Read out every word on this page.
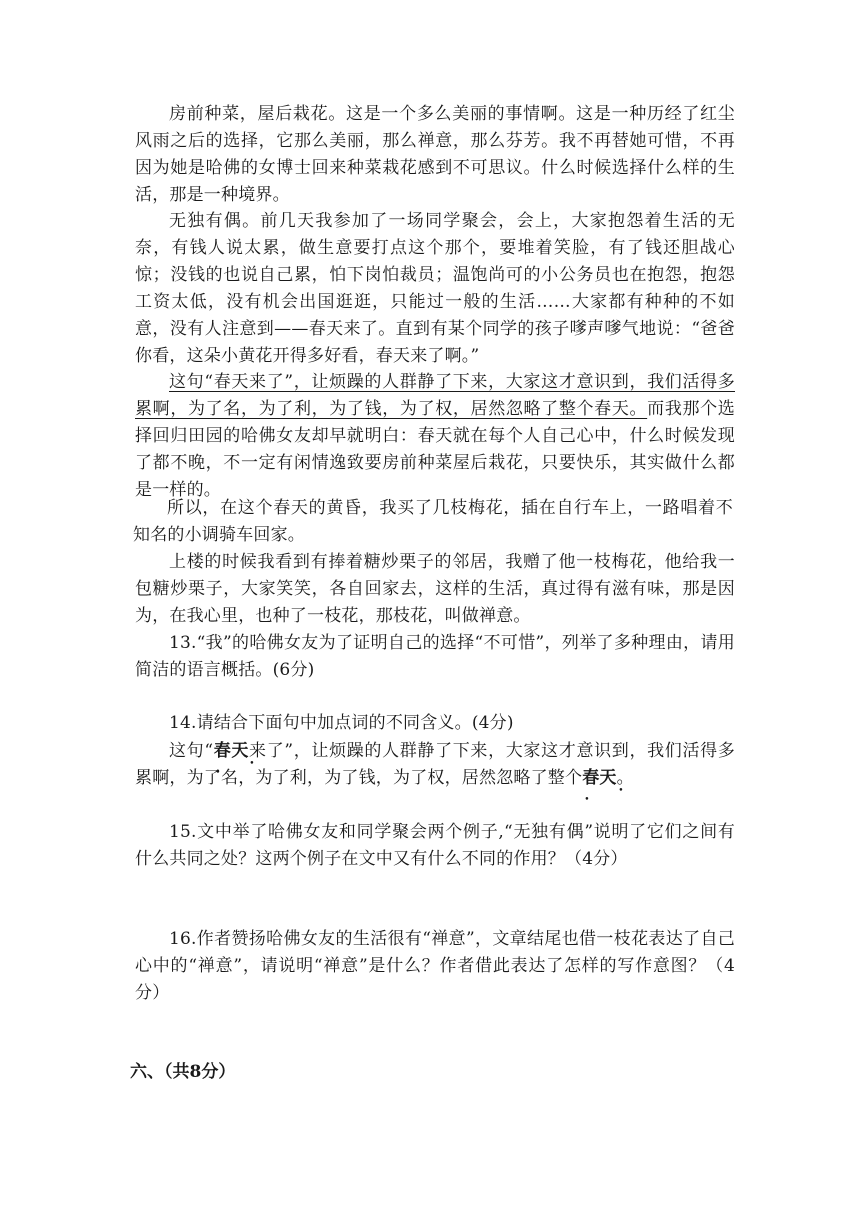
房前种菜，屋后栽花。这是一个多么美丽的事情啊。这是一种历经了红尘风雨之后的选择，它那么美丽，那么禅意，那么芬芳。我不再替她可惜，不再因为她是哈佛的女博士回来种菜栽花感到不可思议。什么时候选择什么样的生活，那是一种境界。

无独有偶。前几天我参加了一场同学聚会，会上，大家抱怨着生活的无奈，有钱人说太累，做生意要打点这个那个，要堆着笑脸，有了钱还胆战心惊；没钱的也说自己累，怕下岗怕裁员；温饱尚可的小公务员也在抱怨，抱怨工资太低，没有机会出国逛逛，只能过一般的生活……大家都有种种的不如意，没有人注意到——春天来了。直到有某个同学的孩子嗲声嗲气地说：“爸爸你看，这朵小黄花开得多好看，春天来了啊。”

这句“春天来了”，让烦躁的人群静了下来，大家这才意识到，我们活得多累啊，为了名，为了利，为了钱，为了权，居然忽略了整个春天。而我那个选择回归田园的哈佛女友却早就明白：春天就在每个人自己心中，什么时候发现了都不晚，不一定有闲情逸致要房前种菜屋后栽花，只要快乐，其实做什么都是一样的。

所以，在这个春天的黄昏，我买了几枝梅花，插在自行车上，一路唱着不知名的小调骑车回家。

上楼的时候我看到有捧着糖炒栗子的邻居，我赠了他一枝梅花，他给我一包糖炒栗子，大家笑笑，各自回家去，这样的生活，真过得有滋有味，那是因为，在我心里，也种了一枝花，那枝花，叫做禅意。

13.“我”的哈佛女友为了证明自己的选择“不可惜”，列举了多种理由，请用简洁的语言概括。(6分)

14.请结合下面句中加点词的不同含义。(4分)

这句“春天 • •来了”，让烦躁的人群静了下来，大家这才意识到，我们活得多累啊，为了名，为了利，为了钱，为了权，居然忽略了整个春天 • •。

15.文中举了哈佛女友和同学聚会两个例子,“无独有偶”说明了它们之间有什么共同之处？这两个例子在文中又有什么不同的作用？（4分）

16.作者赞扬哈佛女友的生活很有“禅意”，文章结尾也借一枝花表达了自己心中的“禅意”，请说明“禅意”是什么？作者借此表达了怎样的写作意图？（4分）

六、（共8分）
